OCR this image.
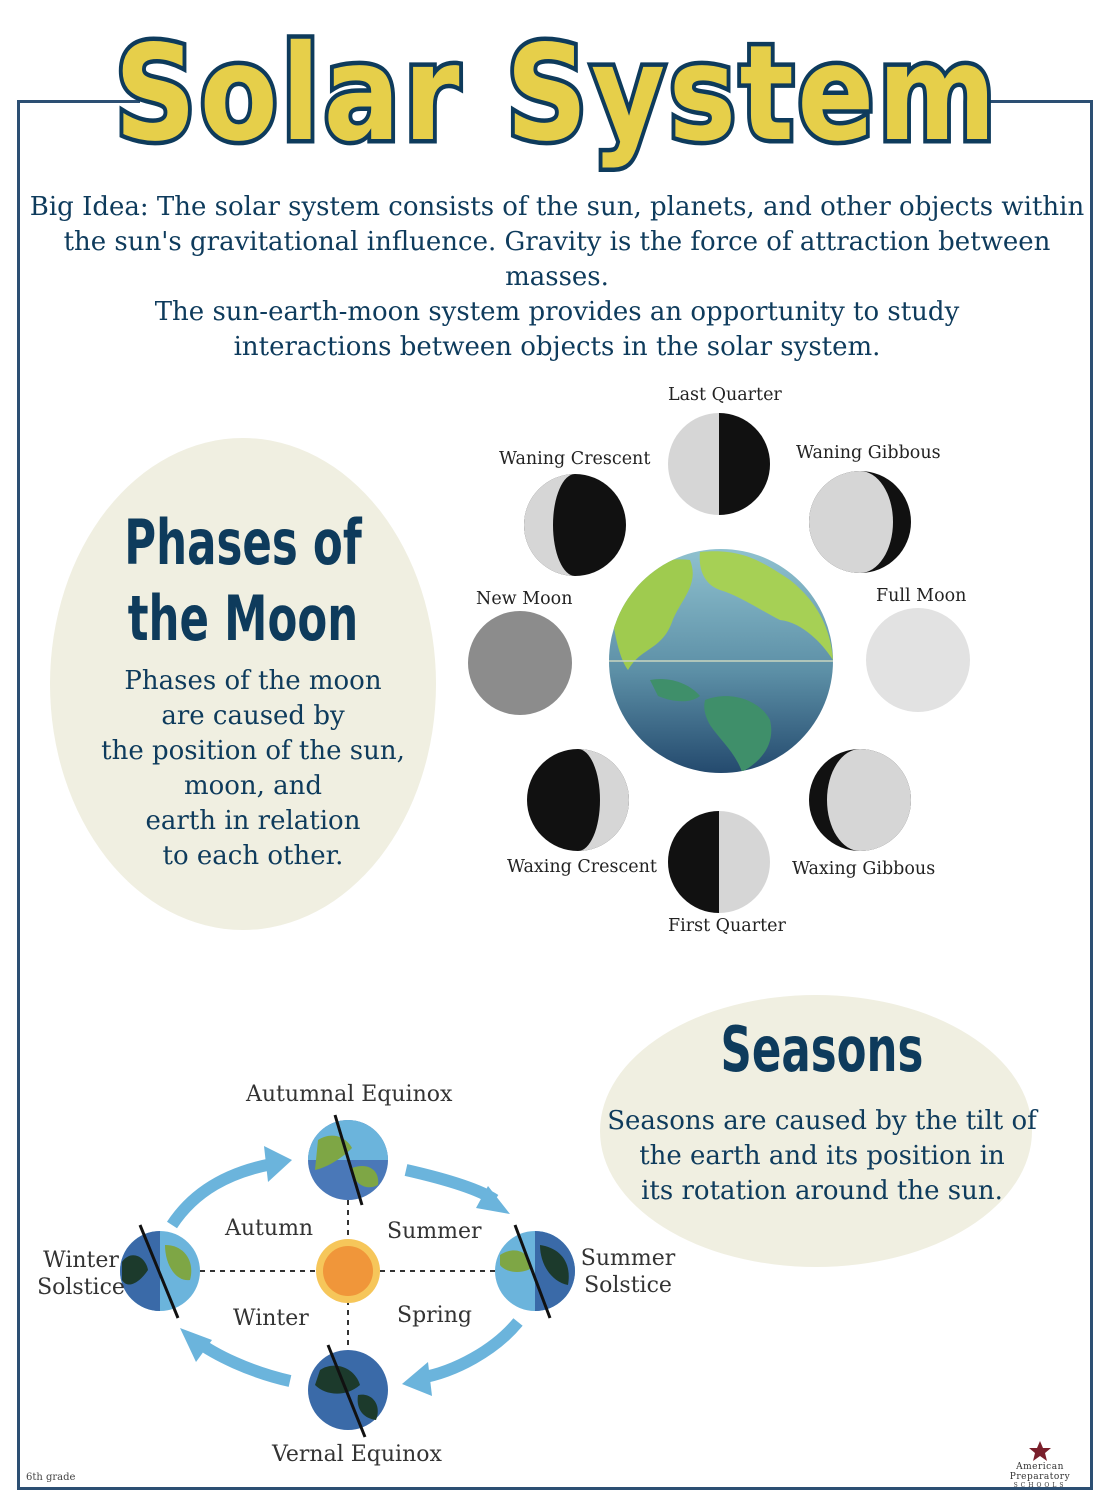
Solar System
Big Idea: The solar system consists of the sun, planets, and other objects within
the sun's gravitational influence. Gravity is the force of attraction between masses.
The sun-earth-moon system provides an opportunity to study
interactions between objects in the solar system.
Phases of
the Moon
Phases of the moon
are caused by
the position of the sun,
moon, and
earth in relation
to each other.
Last Quarter
Waning Gibbous
Waning Crescent
New Moon	Full Moon
Waxing Crescent	Waxing Gibbous
First Quarter
Seasons
Seasons are caused by the tilt of
the earth and its position in
its rotation around the sun.
Autumnal Equinox
Vernal Equinox
Winter
Solstice
Summer
Solstice
Autumn	Summer
Winter	Spring
6th grade
American Preparatory
SCHOOLS
